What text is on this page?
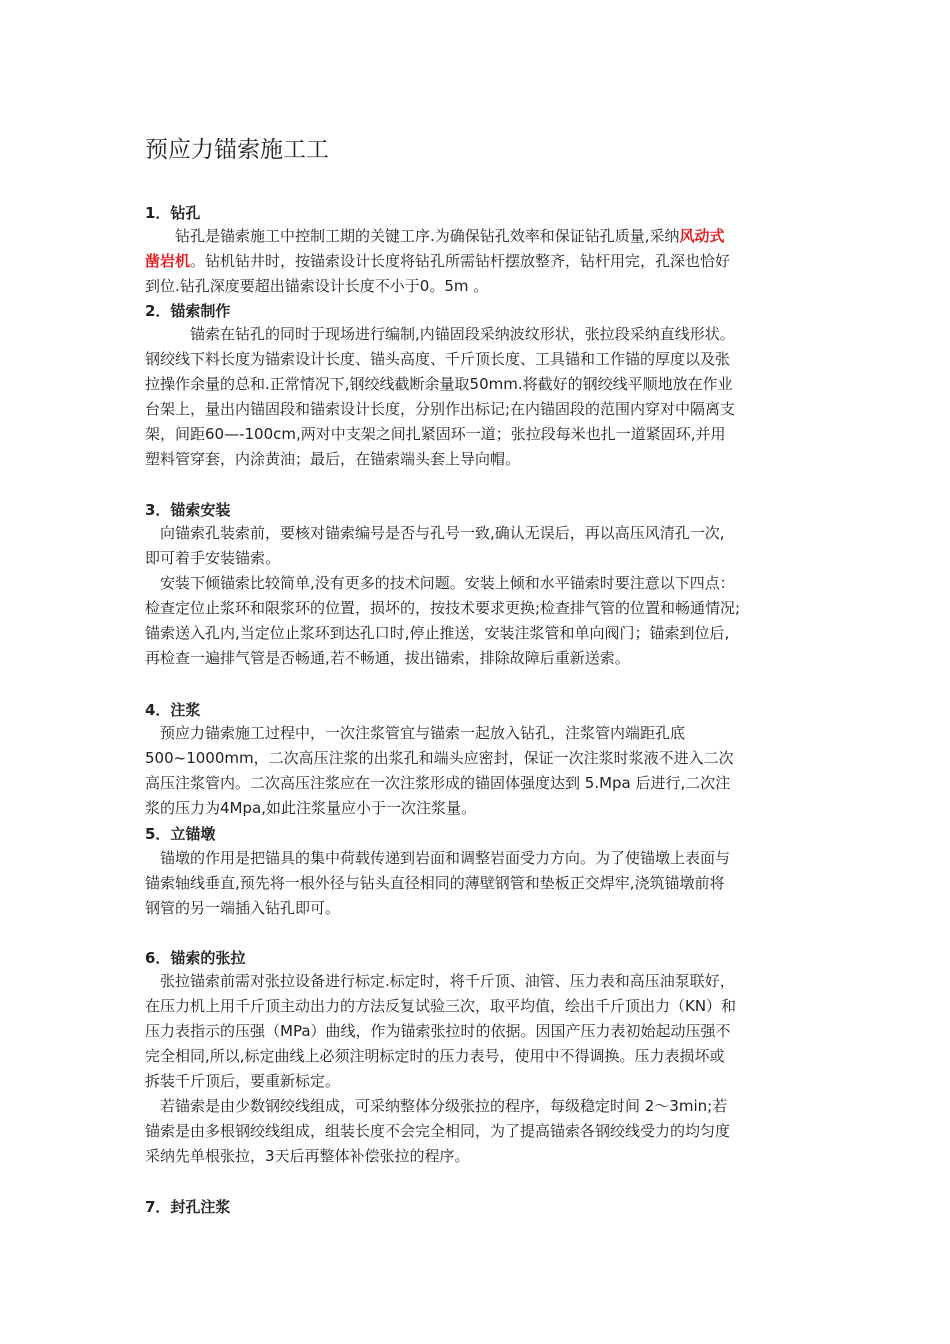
预应力锚索施工工
1．钻孔
　　钻孔是锚索施工中控制工期的关键工序.为确保钻孔效率和保证钻孔质量,采纳风动式
凿岩机。钻机钻井时，按锚索设计长度将钻孔所需钻杆摆放整齐，钻杆用完，孔深也恰好
到位.钻孔深度要超出锚索设计长度不小于0。5m 。
2．锚索制作
　　　锚索在钻孔的同时于现场进行编制,内锚固段采纳波纹形状，张拉段采纳直线形状。
钢绞线下料长度为锚索设计长度、锚头高度、千斤顶长度、工具锚和工作锚的厚度以及张
拉操作余量的总和.正常情况下,钢绞线截断余量取50mm.将截好的钢绞线平顺地放在作业
台架上，量出内锚固段和锚索设计长度，分别作出标记;在内锚固段的范围内穿对中隔离支
架，间距60—-100cm,两对中支架之间扎紧固环一道；张拉段每米也扎一道紧固环,并用
塑料管穿套，内涂黄油；最后，在锚索端头套上导向帽。
3．锚索安装
　向锚索孔装索前，要核对锚索编号是否与孔号一致,确认无误后，再以高压风清孔一次,
即可着手安装锚索。
　安装下倾锚索比较简单,没有更多的技术问题。安装上倾和水平锚索时要注意以下四点：
检查定位止浆环和限浆环的位置，损坏的，按技术要求更换;检查排气管的位置和畅通情况;
锚索送入孔内,当定位止浆环到达孔口时,停止推送，安装注浆管和单向阀门；锚索到位后,
再检查一遍排气管是否畅通,若不畅通，拔出锚索，排除故障后重新送索。
4．注浆
　预应力锚索施工过程中，一次注浆管宜与锚索一起放入钻孔，注浆管内端距孔底
500~1000mm，二次高压注浆的出浆孔和端头应密封，保证一次注浆时浆液不进入二次
高压注浆管内。二次高压注浆应在一次注浆形成的锚固体强度达到 5.Mpa 后进行,二次注
浆的压力为4Mpa,如此注浆量应小于一次注浆量。
5．立锚墩
　锚墩的作用是把锚具的集中荷载传递到岩面和调整岩面受力方向。为了使锚墩上表面与
锚索轴线垂直,预先将一根外径与钻头直径相同的薄壁钢管和垫板正交焊牢,浇筑锚墩前将
钢管的另一端插入钻孔即可。
6．锚索的张拉
　张拉锚索前需对张拉设备进行标定.标定时，将千斤顶、油管、压力表和高压油泵联好，
在压力机上用千斤顶主动出力的方法反复试验三次，取平均值，绘出千斤顶出力（KN）和
压力表指示的压强（MPa）曲线，作为锚索张拉时的依据。因国产压力表初始起动压强不
完全相同,所以,标定曲线上必须注明标定时的压力表号，使用中不得调换。压力表损坏或
拆装千斤顶后，要重新标定。
　若锚索是由少数钢绞线组成，可采纳整体分级张拉的程序，每级稳定时间 2～3min;若
锚索是由多根钢绞线组成，组装长度不会完全相同，为了提高锚索各钢绞线受力的均匀度
采纳先单根张拉，3天后再整体补偿张拉的程序。
7．封孔注浆
